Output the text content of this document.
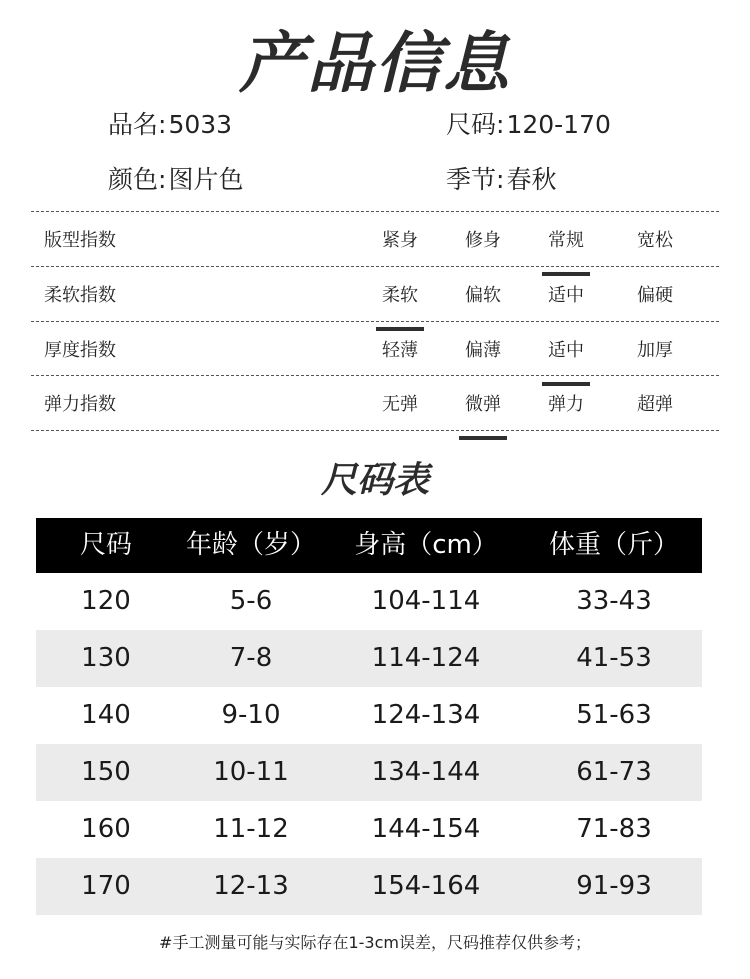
产品信息
品名:5033	尺码:120-170
颜色:图片色	季节:春秋
版型指数	紧身	修身	常规	宽松
柔软指数	柔软	偏软	适中	偏硬
厚度指数	轻薄	偏薄	适中	加厚
弹力指数	无弹	微弹	弹力	超弹
尺码表
尺码	年龄（岁）	身高（cm）	体重（斤）
120	5-6	104-114	33-43
130	7-8	114-124	41-53
140	9-10	124-134	51-63
150	10-11	134-144	61-73
160	11-12	144-154	71-83
170	12-13	154-164	91-93
#手工测量可能与实际存在1-3cm误差，尺码推荐仅供参考；
